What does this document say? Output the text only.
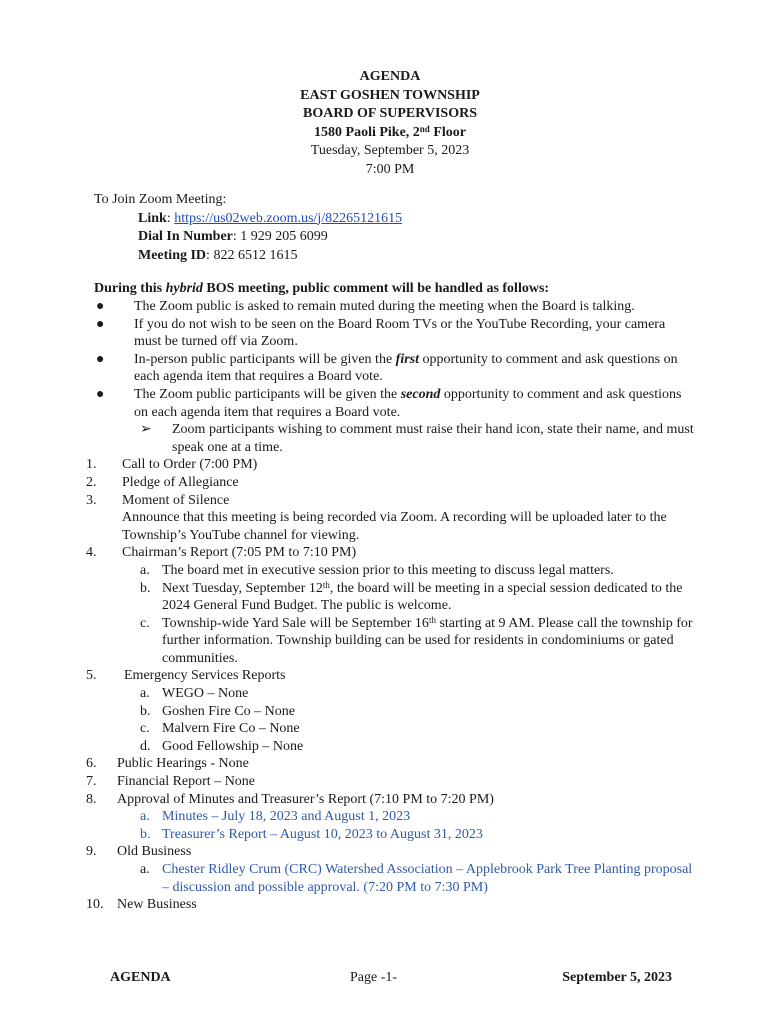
AGENDA
EAST GOSHEN TOWNSHIP
BOARD OF SUPERVISORS
1580 Paoli Pike, 2nd Floor
Tuesday, September 5, 2023
7:00 PM
To Join Zoom Meeting:
Link: https://us02web.zoom.us/j/82265121615
Dial In Number: 1 929 205 6099
Meeting ID: 822 6512 1615
During this hybrid BOS meeting, public comment will be handled as follows:
● The Zoom public is asked to remain muted during the meeting when the Board is talking.
● If you do not wish to be seen on the Board Room TVs or the YouTube Recording, your camera must be turned off via Zoom.
● In-person public participants will be given the first opportunity to comment and ask questions on each agenda item that requires a Board vote.
● The Zoom public participants will be given the second opportunity to comment and ask questions on each agenda item that requires a Board vote.
➢ Zoom participants wishing to comment must raise their hand icon, state their name, and must speak one at a time.
1. Call to Order (7:00 PM)
2. Pledge of Allegiance
3. Moment of Silence
Announce that this meeting is being recorded via Zoom. A recording will be uploaded later to the Township’s YouTube channel for viewing.
4. Chairman’s Report (7:05 PM to 7:10 PM)
a. The board met in executive session prior to this meeting to discuss legal matters.
b. Next Tuesday, September 12th, the board will be meeting in a special session dedicated to the 2024 General Fund Budget. The public is welcome.
c. Township-wide Yard Sale will be September 16th starting at 9 AM. Please call the township for further information. Township building can be used for residents in condominiums or gated communities.
5. Emergency Services Reports
a. WEGO – None
b. Goshen Fire Co – None
c. Malvern Fire Co – None
d. Good Fellowship – None
6. Public Hearings - None
7. Financial Report – None
8. Approval of Minutes and Treasurer’s Report (7:10 PM to 7:20 PM)
a. Minutes – July 18, 2023 and August 1, 2023
b. Treasurer’s Report – August 10, 2023 to August 31, 2023
9. Old Business
a. Chester Ridley Crum (CRC) Watershed Association – Applebrook Park Tree Planting proposal – discussion and possible approval. (7:20 PM to 7:30 PM)
10. New Business
AGENDA	Page -1-	September 5, 2023
